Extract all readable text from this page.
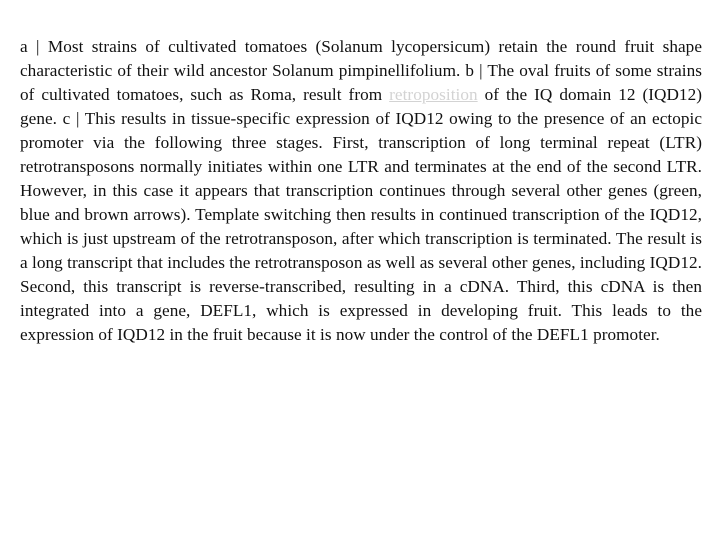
a | Most strains of cultivated tomatoes (Solanum lycopersicum) retain the round fruit shape characteristic of their wild ancestor Solanum pimpinellifolium. b | The oval fruits of some strains of cultivated tomatoes, such as Roma, result from retroposition of the IQ domain 12 (IQD12) gene. c | This results in tissue-specific expression of IQD12 owing to the presence of an ectopic promoter via the following three stages. First, transcription of long terminal repeat (LTR) retrotransposons normally initiates within one LTR and terminates at the end of the second LTR. However, in this case it appears that transcription continues through several other genes (green, blue and brown arrows). Template switching then results in continued transcription of the IQD12, which is just upstream of the retrotransposon, after which transcription is terminated. The result is a long transcript that includes the retrotransposon as well as several other genes, including IQD12. Second, this transcript is reverse-transcribed, resulting in a cDNA. Third, this cDNA is then integrated into a gene, DEFL1, which is expressed in developing fruit. This leads to the expression of IQD12 in the fruit because it is now under the control of the DEFL1 promoter.
